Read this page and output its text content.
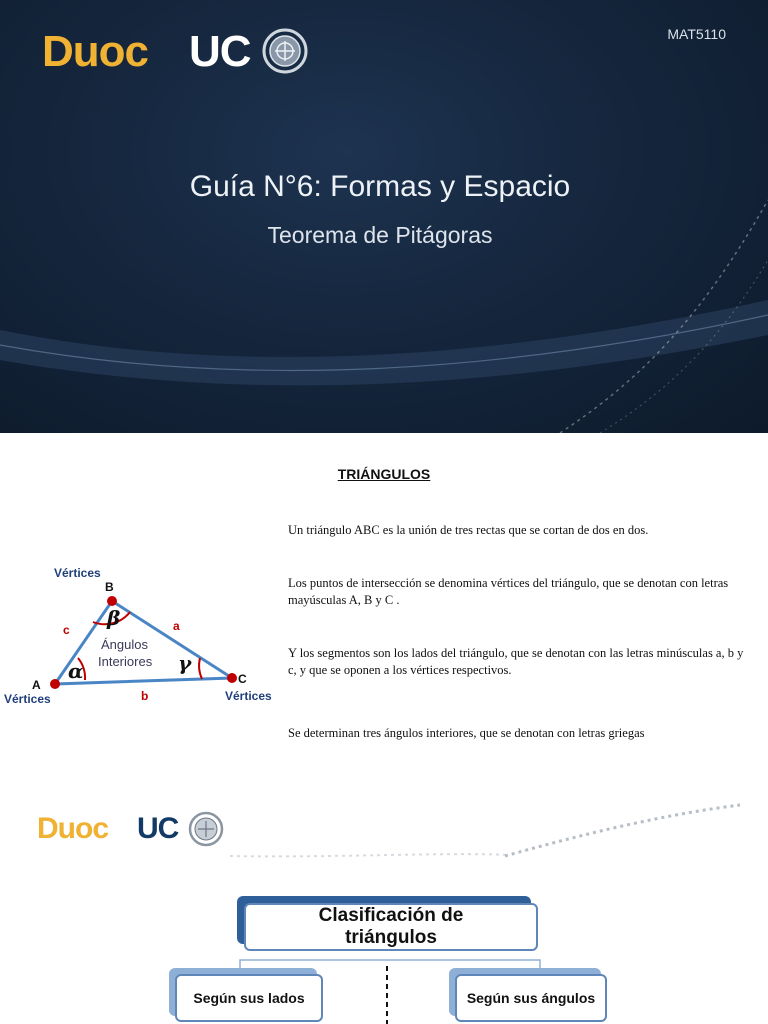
Duoc UC	MAT5110
Guía N°6: Formas y Espacio
Teorema de Pitágoras
TRIÁNGULOS

Un triángulo ABC es la unión de tres rectas que se cortan de dos en dos.

Los puntos de intersección se denomina vértices del triángulo, que se denotan con letras mayúsculas A, B y C .

Y los segmentos son los lados del triángulo, que se denotan con las letras minúsculas a, b y c, y que se oponen a los vértices respectivos.

Se determinan tres ángulos interiores, que se denotan con letras griegas

Vértices
B
A	C
Vértices	Vértices
c	a
b
β
α	γ
Ángulos
Interiores
Duoc UC
Clasificación de
triángulos
Según sus lados	Según sus ángulos
